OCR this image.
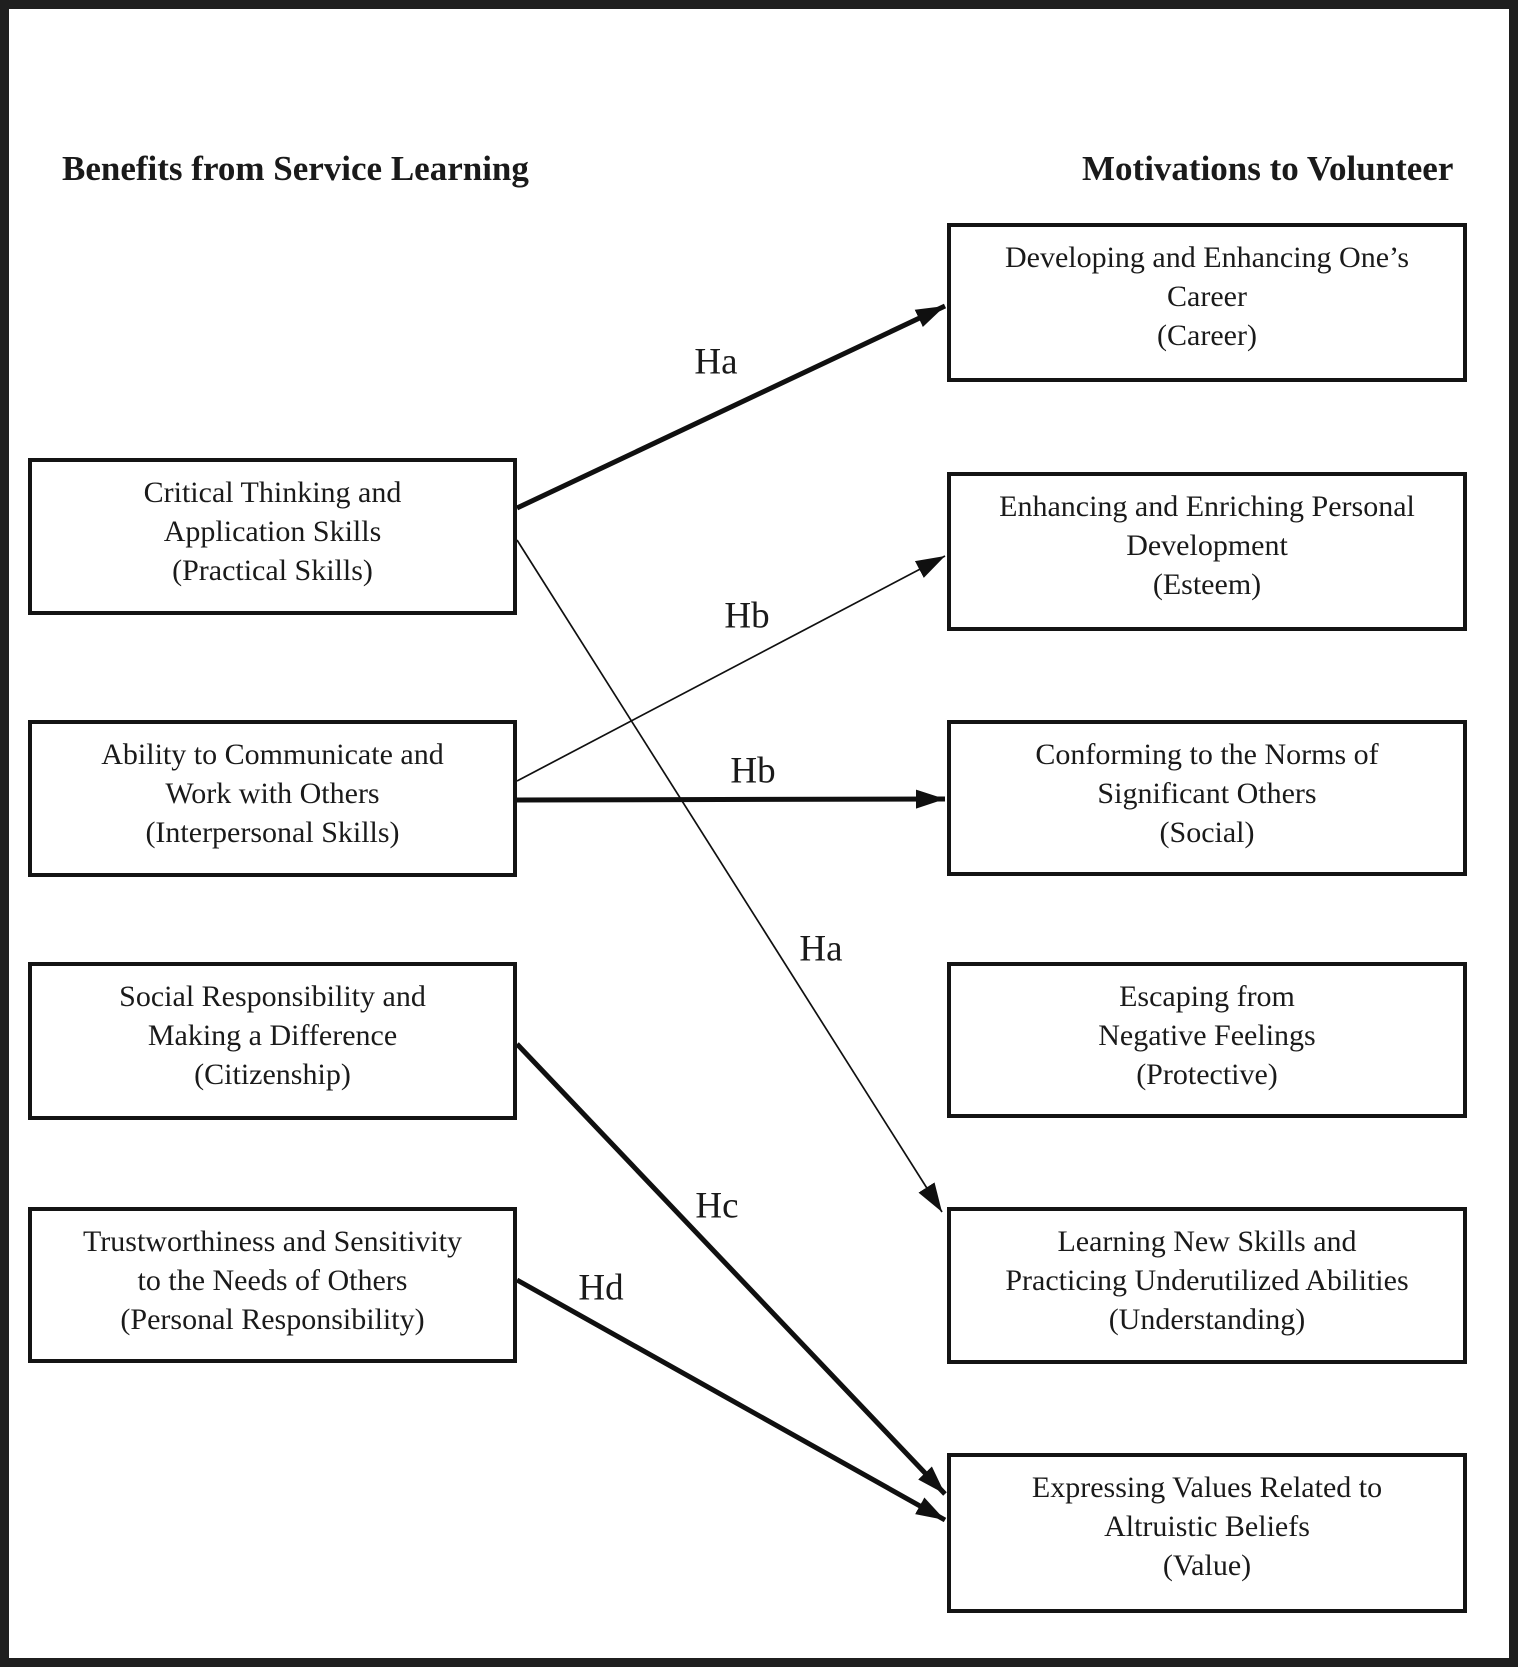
Benefits from Service Learning	Motivations to Volunteer
Ha
Hb
Hb
Ha
Hc
Hd
Critical Thinking and
Application Skills
(Practical Skills)
Ability to Communicate and
Work with Others
(Interpersonal Skills)
Social Responsibility and
Making a Difference
(Citizenship)
Trustworthiness and Sensitivity
to the Needs of Others
(Personal Responsibility)
Developing and Enhancing One’s
Career
(Career)
Enhancing and Enriching Personal
Development
(Esteem)
Conforming to the Norms of
Significant Others
(Social)
Escaping from
Negative Feelings
(Protective)
Learning New Skills and
Practicing Underutilized Abilities
(Understanding)
Expressing Values Related to
Altruistic Beliefs
(Value)
